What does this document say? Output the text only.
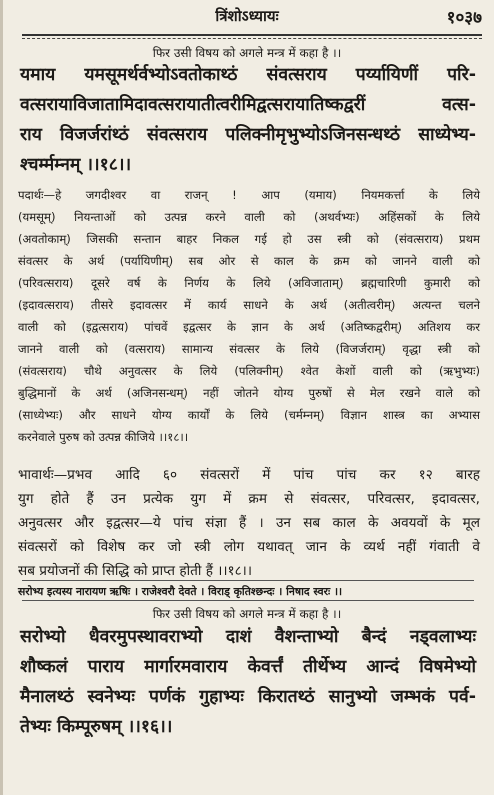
त्रिंशोऽध्यायः	१०३७
फिर उसी विषय को अगले मन्त्र में कहा है ।।
यमाय यमसूमर्थर्वभ्योऽवतोकाथ्ठं संवत्सराय पर्य्यायिणीं परि-
वत्सरायाविजातामिदावत्सरायातीत्वरीमिद्वत्सरायातिष्कद्वरीं वत्स-
राय विजर्जरांथ्ठं संवत्सराय पलिक्नीमृभुभ्योऽजिनसन्धथ्ठं साध्येभ्य-
श्चर्म्मम्नम् ।।१८।।
पदार्थः—हे जगदीश्वर वा राजन् ! आप (यमाय) नियमकर्त्ता के लिये
(यमसूम्) नियन्ताओं को उत्पन्न करने वाली को (अथर्वभ्यः) अहिंसकों के लिये
(अवतोकाम्) जिसकी सन्तान बाहर निकल गई हो उस स्त्री को (संवत्सराय) प्रथम
संवत्सर के अर्थ (पर्यायिणीम्) सब ओर से काल के क्रम को जानने वाली को
(परिवत्सराय) दूसरे वर्ष के निर्णय के लिये (अविजाताम्) ब्रह्मचारिणी कुमारी को
(इदावत्सराय) तीसरे इदावत्सर में कार्य साधने के अर्थ (अतीत्वरीम्) अत्यन्त चलने
वाली को (इद्वत्सराय) पांचवें इद्वत्सर के ज्ञान के अर्थ (अतिष्कद्वरीम्) अतिशय कर
जानने वाली को (वत्सराय) सामान्य संवत्सर के लिये (विजर्जराम्) वृद्धा स्त्री को
(संवत्सराय) चौथे अनुवत्सर के लिये (पलिक्नीम्) श्वेत केशों वाली को (ऋभुभ्यः)
बुद्धिमानों के अर्थ (अजिनसन्धम्) नहीं जोतने योग्य पुरुषों से मेल रखने वाले को
(साध्येभ्यः) और साधने योग्य कार्यों के लिये (चर्मम्नम्) विज्ञान शास्त्र का अभ्यास
करनेवाले पुरुष को उत्पन्न कीजिये ।।१८।।
भावार्थः—प्रभव आदि ६० संवत्सरों में पांच पांच कर १२ बारह
युग होते हैं उन प्रत्येक युग में क्रम से संवत्सर, परिवत्सर, इदावत्सर,
अनुवत्सर और इद्वत्सर—ये पांच संज्ञा हैं । उन सब काल के अवयवों के मूल
संवत्सरों को विशेष कर जो स्त्री लोग यथावत् जान के व्यर्थ नहीं गंवाती वे
सब प्रयोजनों की सिद्धि को प्राप्त होती हैं ।।१८।।
सरोभ्य इत्यस्य नारायण ऋषिः । राजेश्वरौ देवते । विराड् कृतिश्छन्दः । निषाद स्वरः ।।
फिर उसी विषय को अगले मन्त्र में कहा है ।।
सरोभ्यो धैवरमुपस्थावराभ्यो दाशं वैशन्ताभ्यो बैन्दं नड्वलाभ्यः
शौष्कलं पाराय मार्गारमवाराय केवर्त्तं तीर्थेभ्य आन्दं विषमेभ्यो
मैनालथ्ठं स्वनेभ्यः पर्णकं गुहाभ्यः किरातथ्ठं सानुभ्यो जम्भकं पर्व-
तेभ्यः किम्पूरुषम् ।।१६।।
